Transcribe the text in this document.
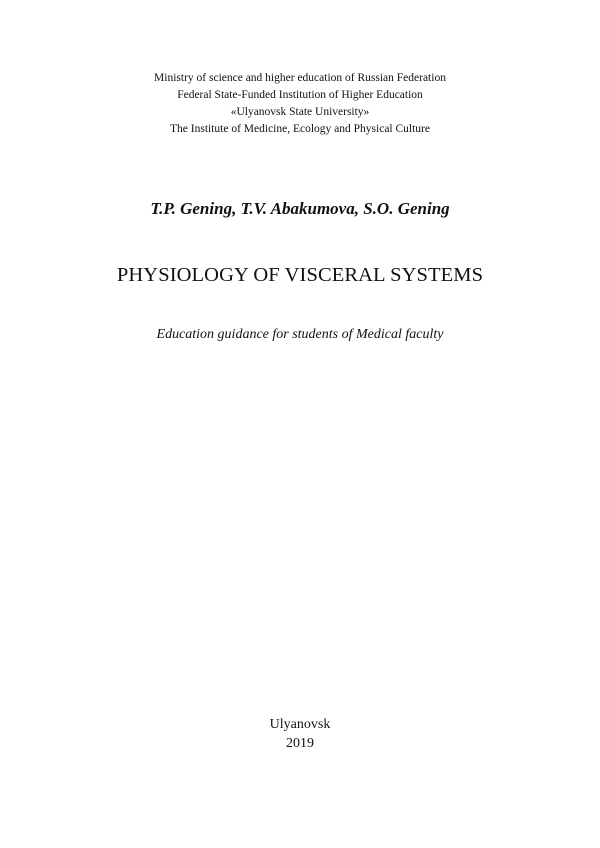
Ministry of science and higher education of Russian Federation
Federal State-Funded Institution of Higher Education
«Ulyanovsk State University»
The Institute of Medicine, Ecology and Physical Culture
T.P. Gening, T.V. Abakumova, S.O. Gening
PHYSIOLOGY OF VISCERAL SYSTEMS
Education guidance for students of Medical faculty
Ulyanovsk
2019
